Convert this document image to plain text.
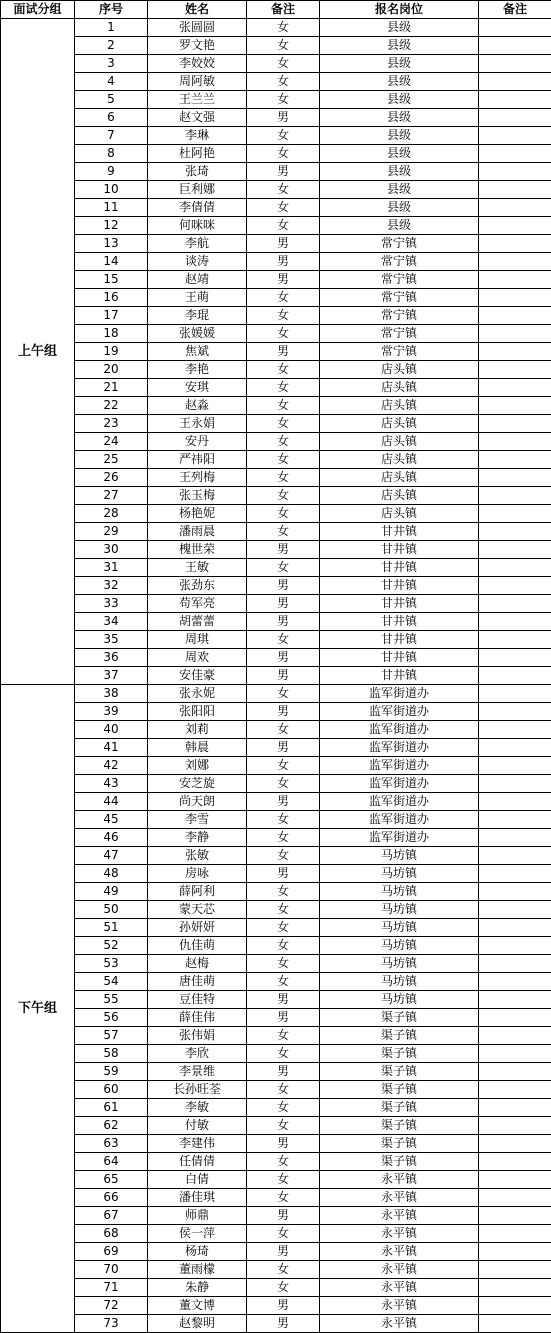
面试分组	序号	姓名	备注	报名岗位	备注
上午组	1	张圆圆	女	县级	
	2	罗文艳	女	县级	
	3	李姣姣	女	县级	
	4	周阿敏	女	县级	
	5	王兰兰	女	县级	
	6	赵文强	男	县级	
	7	李琳	女	县级	
	8	杜阿艳	女	县级	
	9	张琦	男	县级	
	10	巨利娜	女	县级	
	11	李倩倩	女	县级	
	12	何咪咪	女	县级	
	13	李航	男	常宁镇	
	14	谈涛	男	常宁镇	
	15	赵靖	男	常宁镇	
	16	王萌	女	常宁镇	
	17	李琨	女	常宁镇	
	18	张媛媛	女	常宁镇	
	19	焦斌	男	常宁镇	
	20	李艳	女	店头镇	
	21	安琪	女	店头镇	
	22	赵淼	女	店头镇	
	23	王永娟	女	店头镇	
	24	安丹	女	店头镇	
	25	严祎阳	女	店头镇	
	26	王列梅	女	店头镇	
	27	张玉梅	女	店头镇	
	28	杨艳妮	女	店头镇	
	29	潘雨晨	女	甘井镇	
	30	槐世荣	男	甘井镇	
	31	王敏	女	甘井镇	
	32	张劲东	男	甘井镇	
	33	苟军亮	男	甘井镇	
	34	胡蕾蕾	男	甘井镇	
	35	周琪	女	甘井镇	
	36	周欢	男	甘井镇	
	37	安佳豪	男	甘井镇	
下午组	38	张永妮	女	监军街道办	
	39	张阳阳	男	监军街道办	
	40	刘莉	女	监军街道办	
	41	韩晨	男	监军街道办	
	42	刘娜	女	监军街道办	
	43	安芝旋	女	监军街道办	
	44	尚天朗	男	监军街道办	
	45	李雪	女	监军街道办	
	46	李静	女	监军街道办	
	47	张敏	女	马坊镇	
	48	房咏	男	马坊镇	
	49	薛阿利	女	马坊镇	
	50	蒙天芯	女	马坊镇	
	51	孙妍妍	女	马坊镇	
	52	仇佳萌	女	马坊镇	
	53	赵梅	女	马坊镇	
	54	唐佳萌	女	马坊镇	
	55	豆佳特	男	马坊镇	
	56	薛佳伟	男	渠子镇	
	57	张伟娟	女	渠子镇	
	58	李欣	女	渠子镇	
	59	李景维	男	渠子镇	
	60	长孙旺荃	女	渠子镇	
	61	李敏	女	渠子镇	
	62	付敏	女	渠子镇	
	63	李建伟	男	渠子镇	
	64	任倩倩	女	渠子镇	
	65	白倩	女	永平镇	
	66	潘佳琪	女	永平镇	
	67	师鼎	男	永平镇	
	68	侯一萍	女	永平镇	
	69	杨琦	男	永平镇	
	70	董雨檬	女	永平镇	
	71	朱静	女	永平镇	
	72	董文博	男	永平镇	
	73	赵黎明	男	永平镇	
